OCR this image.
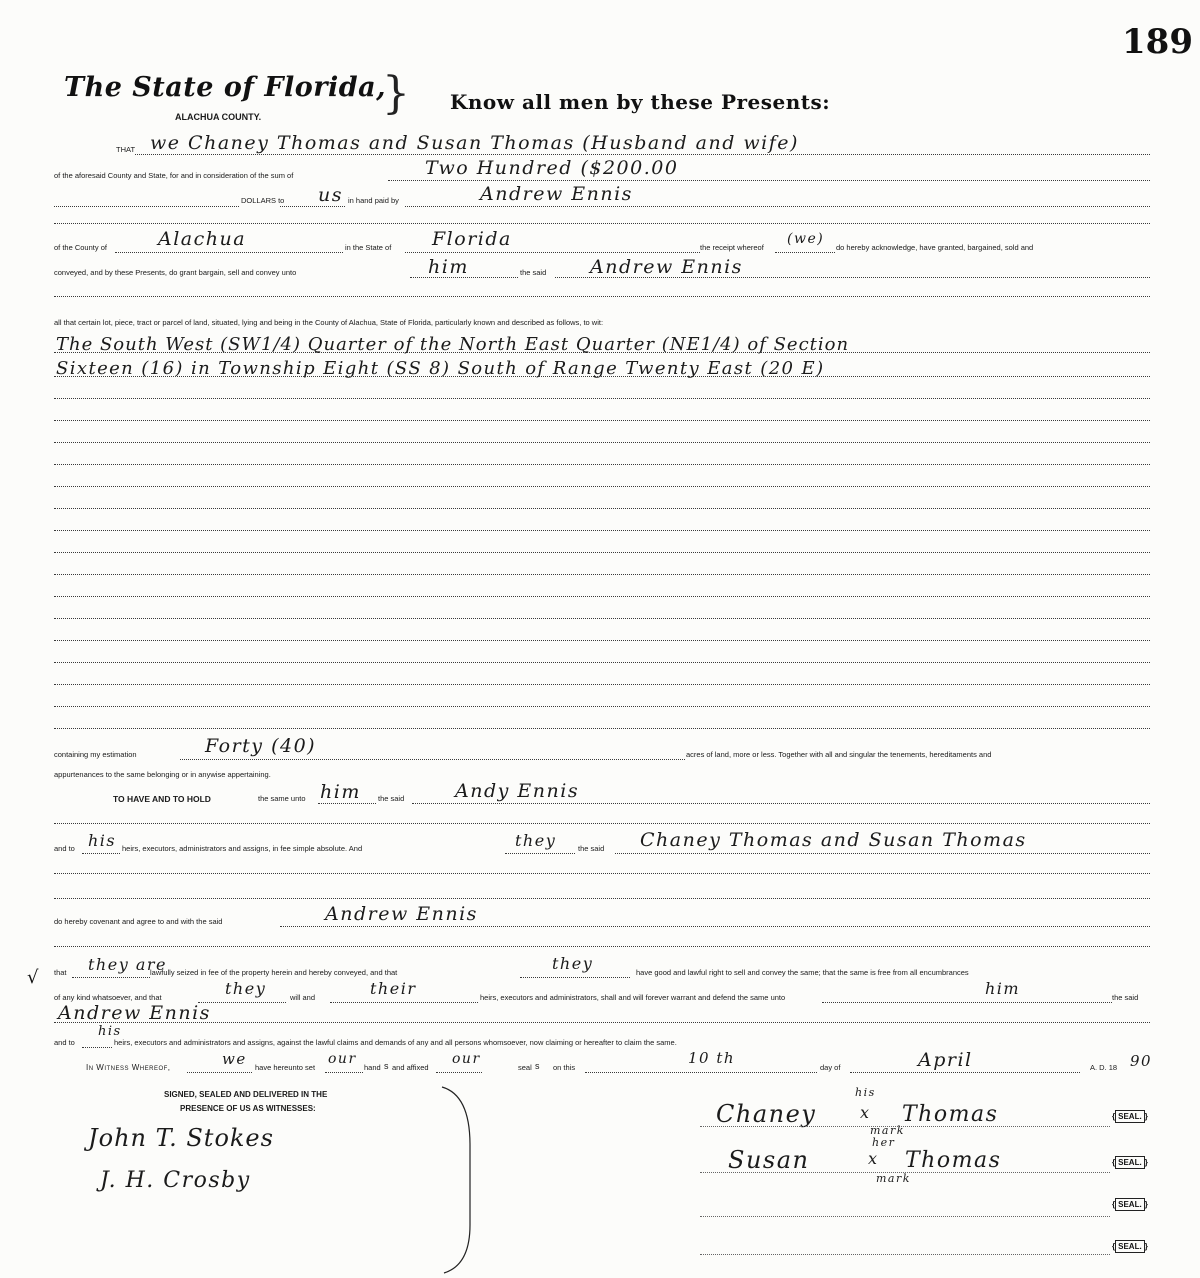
189
The State of Florida,
}
ALACHUA COUNTY.
Know all men by these Presents:
THAT we Chaney Thomas and Susan Thomas (Husband and wife)
of the aforesaid County and State, for and in consideration of the sum of	Two Hundred ($200.00
DOLLARS to us in hand paid by	Andrew Ennis
of the County of	Alachua	in the State of Florida	the receipt whereof
(we)
do hereby acknowledge, have granted, bargained, sold and
conveyed, and by these Presents, do grant bargain, sell and convey unto	him	the said Andrew Ennis
all that certain lot, piece, tract or parcel of land, situated, lying and being in the County of Alachua, State of Florida, particularly known and described as follows, to wit:
The South West (SW1/4) Quarter of the North East Quarter (NE1/4) of Section
Sixteen (16) in Township Eight (SS 8) South of Range Twenty East (20 E)
containing my estimation	Forty (40)	acres of land, more or less. Together with all and singular the tenements, hereditaments and
appurtenances to the same belonging or in anywise appertaining.
TO HAVE AND TO HOLD	the same unto him the said	Andy Ennis
and to his heirs, executors, administrators and assigns, in fee simple absolute. And	they	the said Chaney Thomas and Susan Thomas
do hereby covenant and agree to and with the said	Andrew Ennis
√ that they are
lawfully seized in fee of the property herein and hereby conveyed, and that	they	have good and lawful right to sell and convey the same; that the same is free from all encumbrances
of any kind whatsoever, and that	they	will and	their	heirs, executors and administrators, shall and will forever warrant and defend the same unto	him	the said
Andrew Ennis
and to
his
heirs, executors and administrators and assigns, against the lawful claims and demands of any and all persons whomsoever, now claiming or hereafter to claim the same.
In Witness Whereof,	we have hereunto set
our
hand s and affixed
our
seal s on this
10 th
day of	April	A. D. 18 90
SIGNED, SEALED AND DELIVERED IN THE
PRESENCE OF US AS WITNESSES:
John T. Stokes
J. H. Crosby
his
Chaney	x Thomas
mark
her
Susan	x Thomas
mark
{ SEAL. }
{ SEAL. }
{ SEAL. }
{ SEAL. }
